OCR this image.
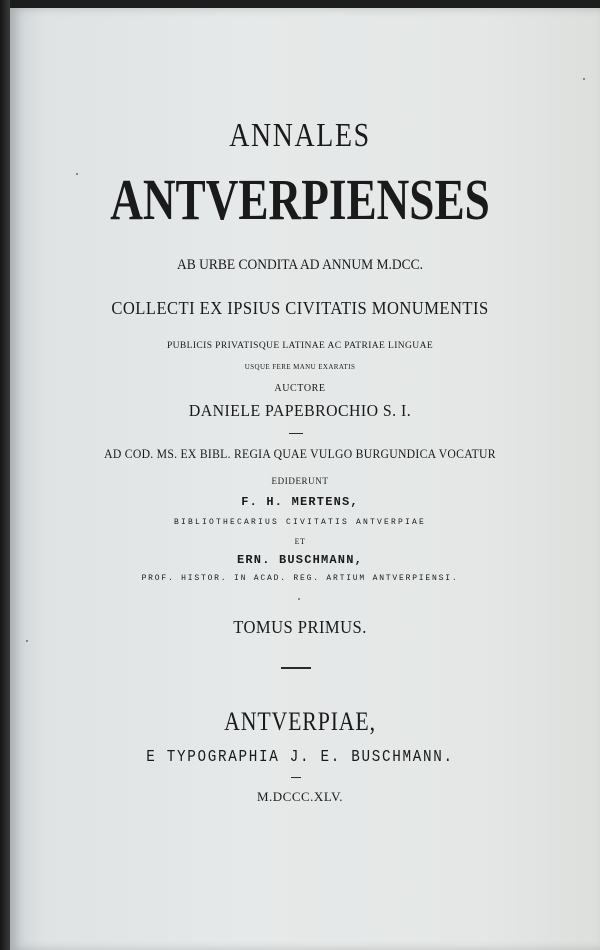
ANNALES
ANTVERPIENSES
AB URBE CONDITA AD ANNUM M.DCC.
COLLECTI EX IPSIUS CIVITATIS MONUMENTIS
PUBLICIS PRIVATISQUE LATINAE AC PATRIAE LINGUAE
USQUE FERE MANU EXARATIS
AUCTORE
DANIELE PAPEBROCHIO S. I.
AD COD. MS. EX BIBL. REGIA QUAE VULGO BURGUNDICA VOCATUR
EDIDERUNT
F. H. MERTENS,
BIBLIOTHECARIUS CIVITATIS ANTVERPIAE
ET
ERN. BUSCHMANN,
PROF. HISTOR. IN ACAD. REG. ARTIUM ANTVERPIENSI.
TOMUS PRIMUS.
ANTVERPIAE,
E TYPOGRAPHIA J. E. BUSCHMANN.
M.DCCC.XLV.
